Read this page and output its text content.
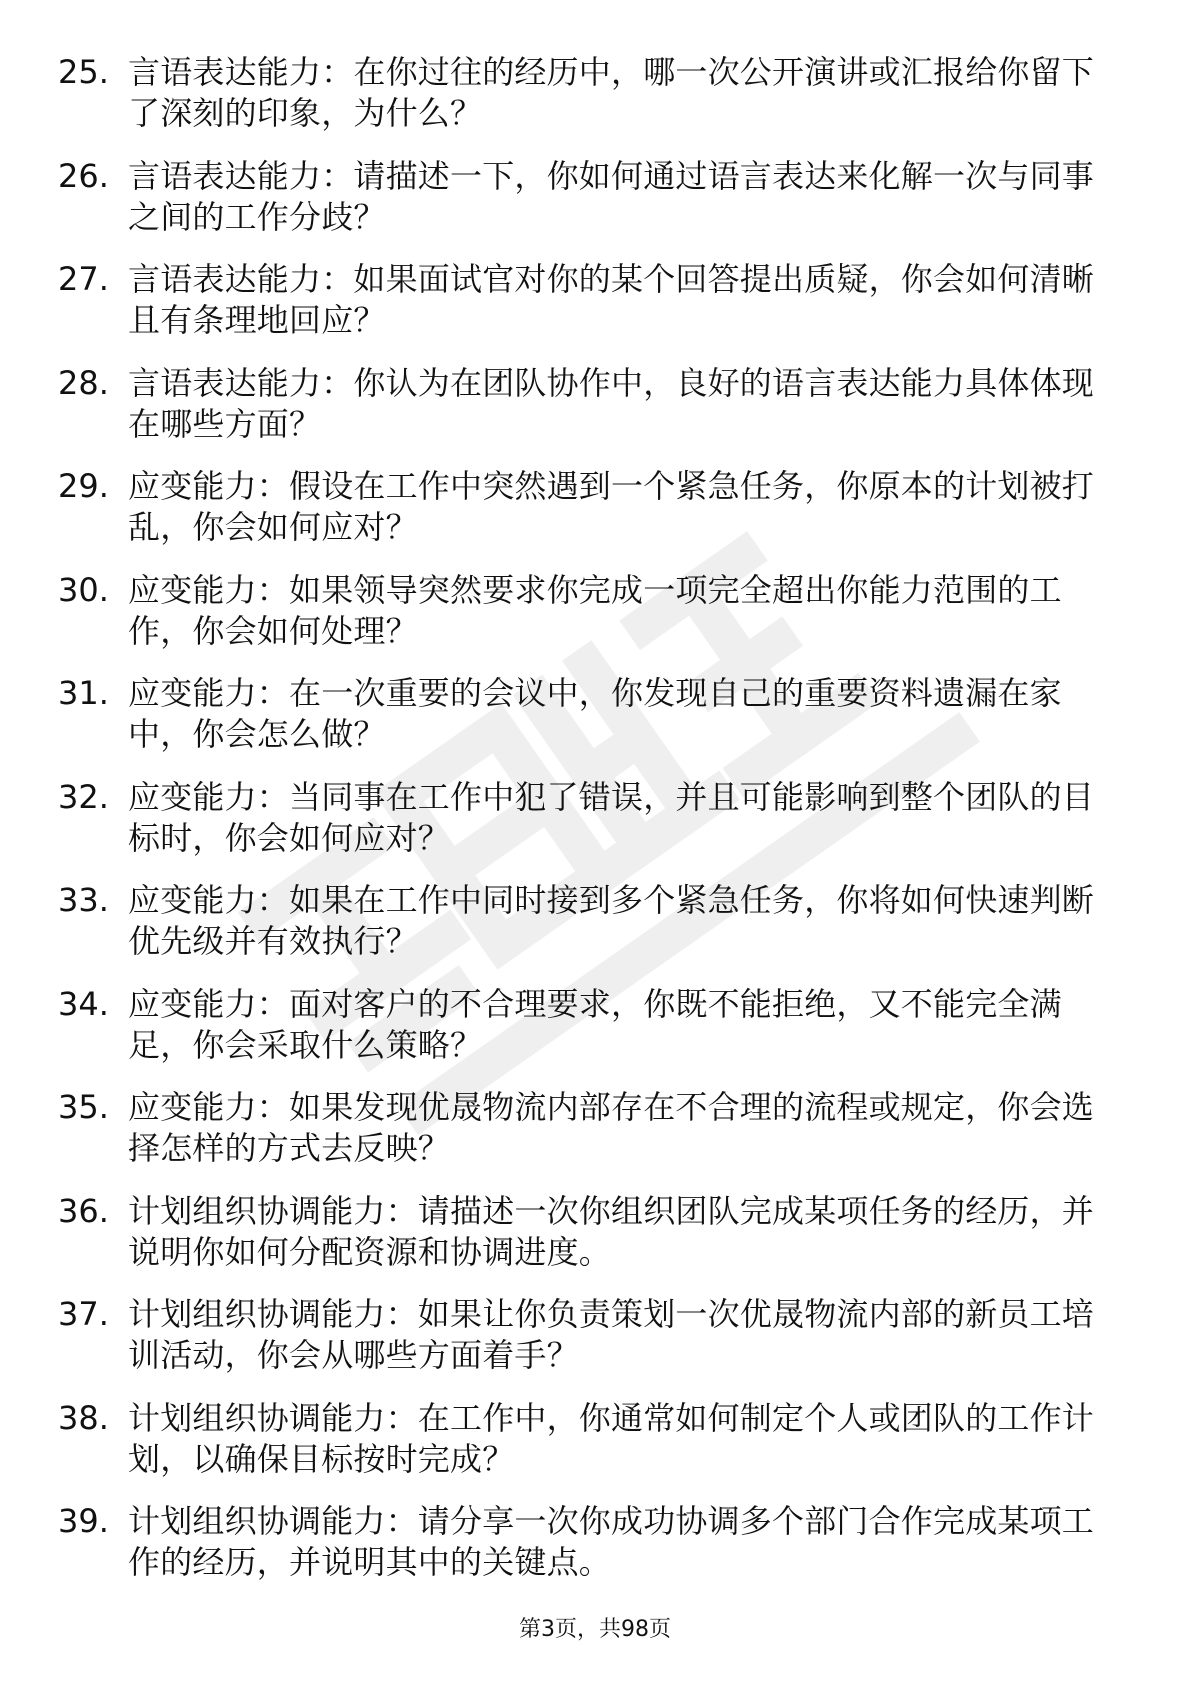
25. 言语表达能力：在你过往的经历中，哪一次公开演讲或汇报给你留下了深刻的印象，为什么？
26. 言语表达能力：请描述一下，你如何通过语言表达来化解一次与同事之间的工作分歧？
27. 言语表达能力：如果面试官对你的某个回答提出质疑，你会如何清晰且有条理地回应？
28. 言语表达能力：你认为在团队协作中，良好的语言表达能力具体体现在哪些方面？
29. 应变能力：假设在工作中突然遇到一个紧急任务，你原本的计划被打乱，你会如何应对？
30. 应变能力：如果领导突然要求你完成一项完全超出你能力范围的工作，你会如何处理？
31. 应变能力：在一次重要的会议中，你发现自己的重要资料遗漏在家中，你会怎么做？
32. 应变能力：当同事在工作中犯了错误，并且可能影响到整个团队的目标时，你会如何应对？
33. 应变能力：如果在工作中同时接到多个紧急任务，你将如何快速判断优先级并有效执行？
34. 应变能力：面对客户的不合理要求，你既不能拒绝，又不能完全满足，你会采取什么策略？
35. 应变能力：如果发现优晟物流内部存在不合理的流程或规定，你会选择怎样的方式去反映？
36. 计划组织协调能力：请描述一次你组织团队完成某项任务的经历，并说明你如何分配资源和协调进度。
37. 计划组织协调能力：如果让你负责策划一次优晟物流内部的新员工培训活动，你会从哪些方面着手？
38. 计划组织协调能力：在工作中，你通常如何制定个人或团队的工作计划，以确保目标按时完成？
39. 计划组织协调能力：请分享一次你成功协调多个部门合作完成某项工作的经历，并说明其中的关键点。
第3页，共98页
